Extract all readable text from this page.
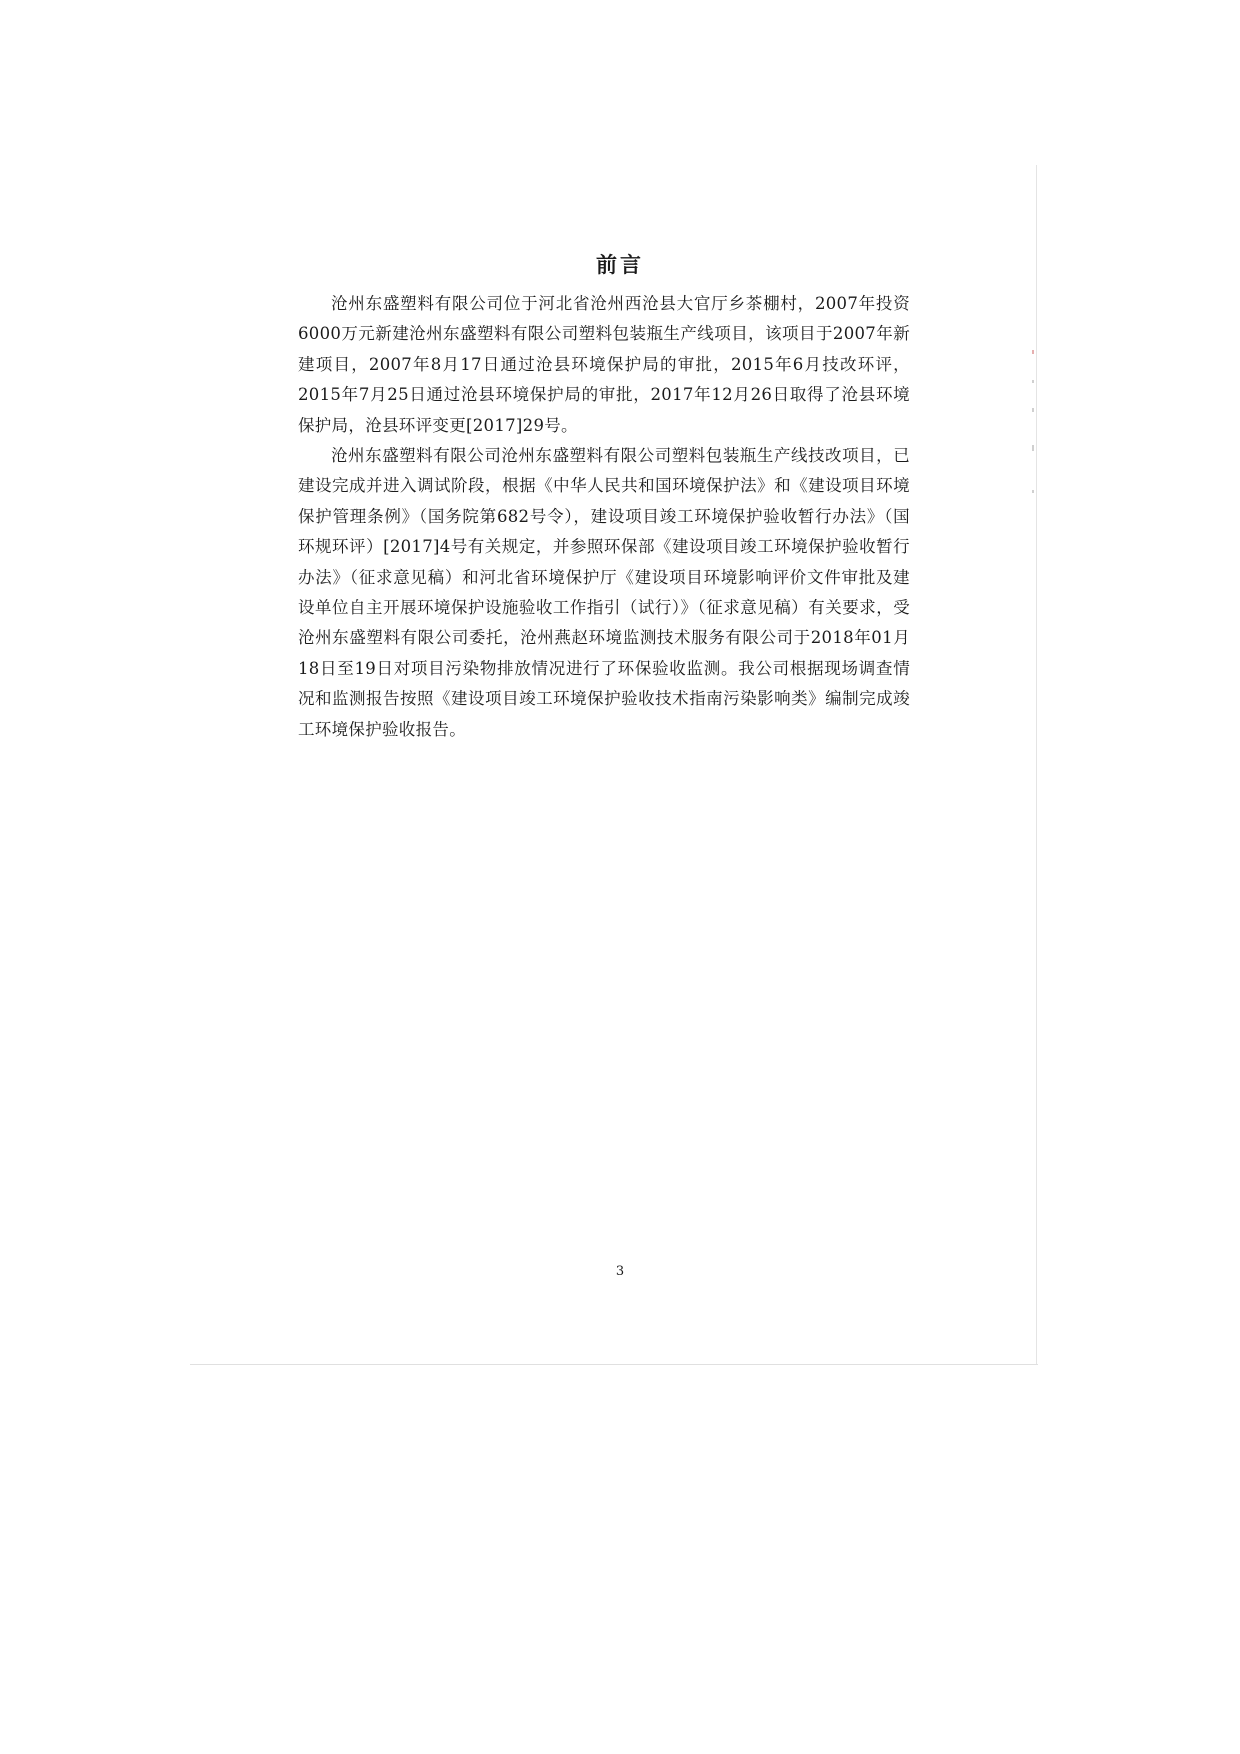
前言

沧州东盛塑料有限公司位于河北省沧州西沧县大官厅乡茶棚村，2007年投资6000万元新建沧州东盛塑料有限公司塑料包装瓶生产线项目，该项目于2007年新建项目，2007年8月17日通过沧县环境保护局的审批，2015年6月技改环评，2015年7月25日通过沧县环境保护局的审批，2017年12月26日取得了沧县环境保护局，沧县环评变更[2017]29号。

沧州东盛塑料有限公司沧州东盛塑料有限公司塑料包装瓶生产线技改项目，已建设完成并进入调试阶段，根据《中华人民共和国环境保护法》和《建设项目环境保护管理条例》（国务院第682号令），建设项目竣工环境保护验收暂行办法》（国环规环评）[2017]4号有关规定，并参照环保部《建设项目竣工环境保护验收暂行办法》（征求意见稿）和河北省环境保护厅《建设项目环境影响评价文件审批及建设单位自主开展环境保护设施验收工作指引（试行）》（征求意见稿）有关要求，受沧州东盛塑料有限公司委托，沧州燕赵环境监测技术服务有限公司于2018年01月18日至19日对项目污染物排放情况进行了环保验收监测。我公司根据现场调查情况和监测报告按照《建设项目竣工环境保护验收技术指南污染影响类》编制完成竣工环境保护验收报告。

3
